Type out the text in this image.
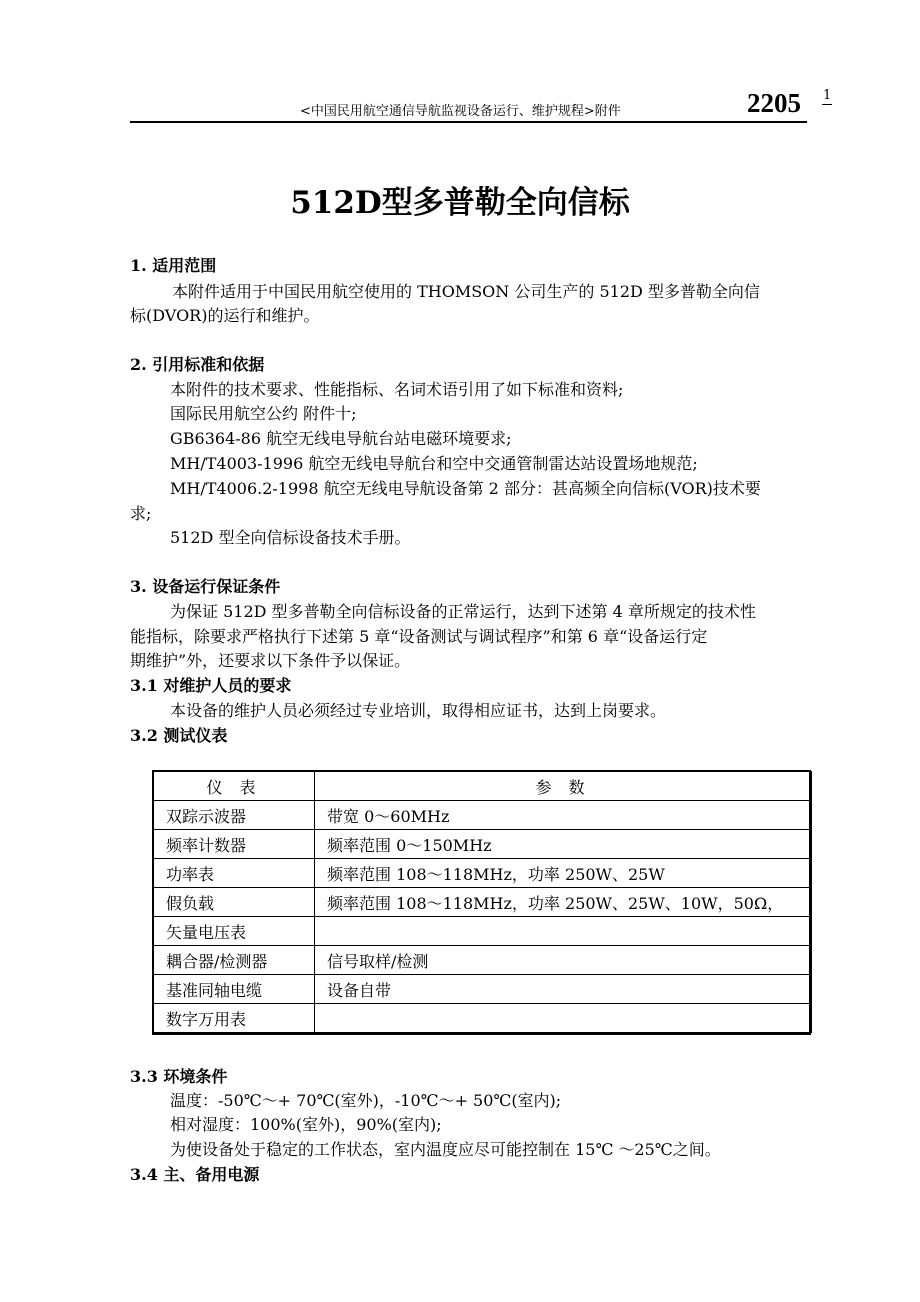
<中国民用航空通信导航监视设备运行、维护规程>附件	2205 1
512D型多普勒全向信标
1. 适用范围
本附件适用于中国民用航空使用的 THOMSON 公司生产的 512D 型多普勒全向信
标(DVOR)的运行和维护。
2. 引用标准和依据
本附件的技术要求、性能指标、名词术语引用了如下标准和资料;
国际民用航空公约 附件十;
GB6364-86 航空无线电导航台站电磁环境要求;
MH/T4003-1996 航空无线电导航台和空中交通管制雷达站设置场地规范;
MH/T4006.2-1998 航空无线电导航设备第 2 部分：甚高频全向信标(VOR)技术要
求;
512D 型全向信标设备技术手册。
3. 设备运行保证条件
为保证 512D 型多普勒全向信标设备的正常运行，达到下述第 4 章所规定的技术性
能指标，除要求严格执行下述第 5 章“设备测试与调试程序”和第 6 章“设备运行定
期维护”外，还要求以下条件予以保证。
3.1 对维护人员的要求
本设备的维护人员必须经过专业培训，取得相应证书，达到上岗要求。
3.2 测试仪表
仪 表	参 数
双踪示波器	带宽 0～60MHz
频率计数器	频率范围 0～150MHz
功率表	频率范围 108～118MHz，功率 250W、25W
假负载	频率范围 108～118MHz，功率 250W、25W、10W，50Ω，
矢量电压表	
耦合器/检测器	信号取样/检测
基准同轴电缆	设备自带
数字万用表	
3.3 环境条件
温度：-50℃～+ 70℃(室外)，-10℃～+ 50℃(室内);
相对湿度：100%(室外)，90%(室内);
为使设备处于稳定的工作状态，室内温度应尽可能控制在 15℃ ～25℃之间。
3.4 主、备用电源
